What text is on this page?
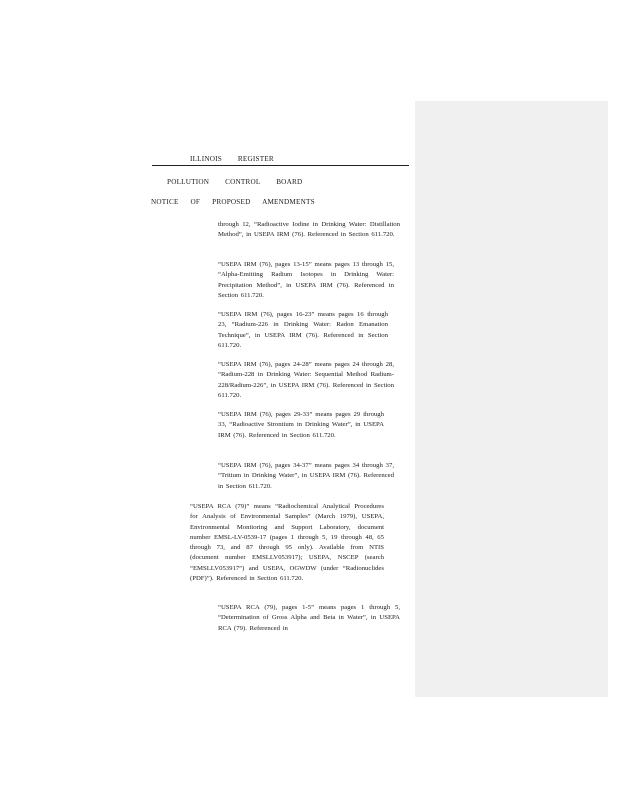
ILLINOIS REGISTER
POLLUTION CONTROL BOARD
NOTICE OF PROPOSED AMENDMENTS

through 12, “Radioactive Iodine in Drinking Water: Distillation Method”, in USEPA IRM (76). Referenced in Section 611.720.

“USEPA IRM (76), pages 13-15” means pages 13 through 15, “Alpha-Emitting Radium Isotopes in Drinking Water: Precipitation Method”, in USEPA IRM (76). Referenced in Section 611.720.

“USEPA IRM (76), pages 16-23” means pages 16 through 23, “Radium-226 in Drinking Water: Radon Emanation Technique”, in USEPA IRM (76). Referenced in Section 611.720.

“USEPA IRM (76), pages 24-28” means pages 24 through 28, “Radium-228 in Drinking Water: Sequential Method Radium-228/Radium-226”, in USEPA IRM (76). Referenced in Section 611.720.

“USEPA IRM (76), pages 29-33” means pages 29 through 33, “Radioactive Strontium in Drinking Water”, in USEPA IRM (76). Referenced in Section 611.720.

“USEPA IRM (76), pages 34-37” means pages 34 through 37, “Tritium in Drinking Water”, in USEPA IRM (76). Referenced in Section 611.720.

“USEPA RCA (79)” means “Radiochemical Analytical Procedures for Analysis of Environmental Samples” (March 1979), USEPA, Environmental Monitoring and Support Laboratory, document number EMSL-LV-0539-17 (pages 1 through 5, 19 through 48, 65 through 73, and 87 through 95 only). Available from NTIS (document number EMSLLV053917); USEPA, NSCEP (search “EMSLLV053917”) and USEPA, OGWDW (under “Radionuclides (PDF)”). Referenced in Section 611.720.

“USEPA RCA (79), pages 1-5” means pages 1 through 5, “Determination of Gross Alpha and Beta in Water”, in USEPA RCA (79). Referenced in
